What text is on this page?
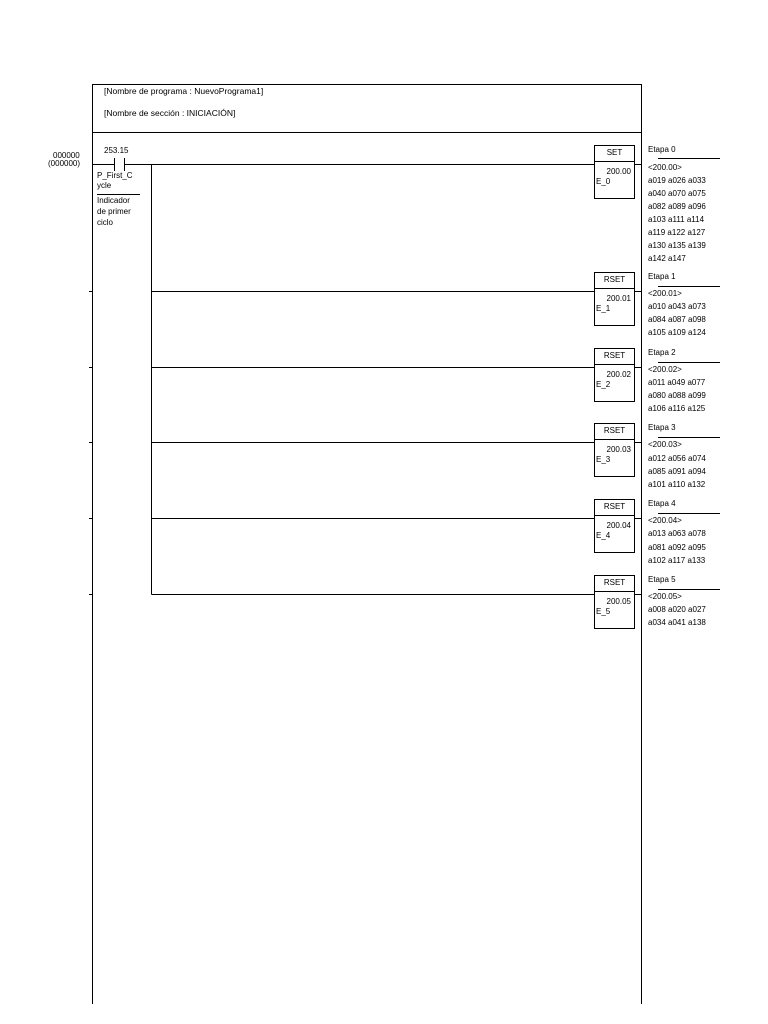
[Nombre de programa : NuevoPrograma1]
[Nombre de sección : INICIACIÓN]
000000
(000000)
253.15
P_First_C
ycle
Indicador
de primer
ciclo
SET
200.00
E_0
Etapa 0
<200.00>
a019 a026 a033
a040 a070 a075
a082 a089 a096
a103 a111 a114
a119 a122 a127
a130 a135 a139
a142 a147
RSET
200.01
E_1
Etapa 1
<200.01>
a010 a043 a073
a084 a087 a098
a105 a109 a124
RSET
200.02
E_2
Etapa 2
<200.02>
a011 a049 a077
a080 a088 a099
a106 a116 a125
RSET
200.03
E_3
Etapa 3
<200.03>
a012 a056 a074
a085 a091 a094
a101 a110 a132
RSET
200.04
E_4
Etapa 4
<200.04>
a013 a063 a078
a081 a092 a095
a102 a117 a133
RSET
200.05
E_5
Etapa 5
<200.05>
a008 a020 a027
a034 a041 a138
